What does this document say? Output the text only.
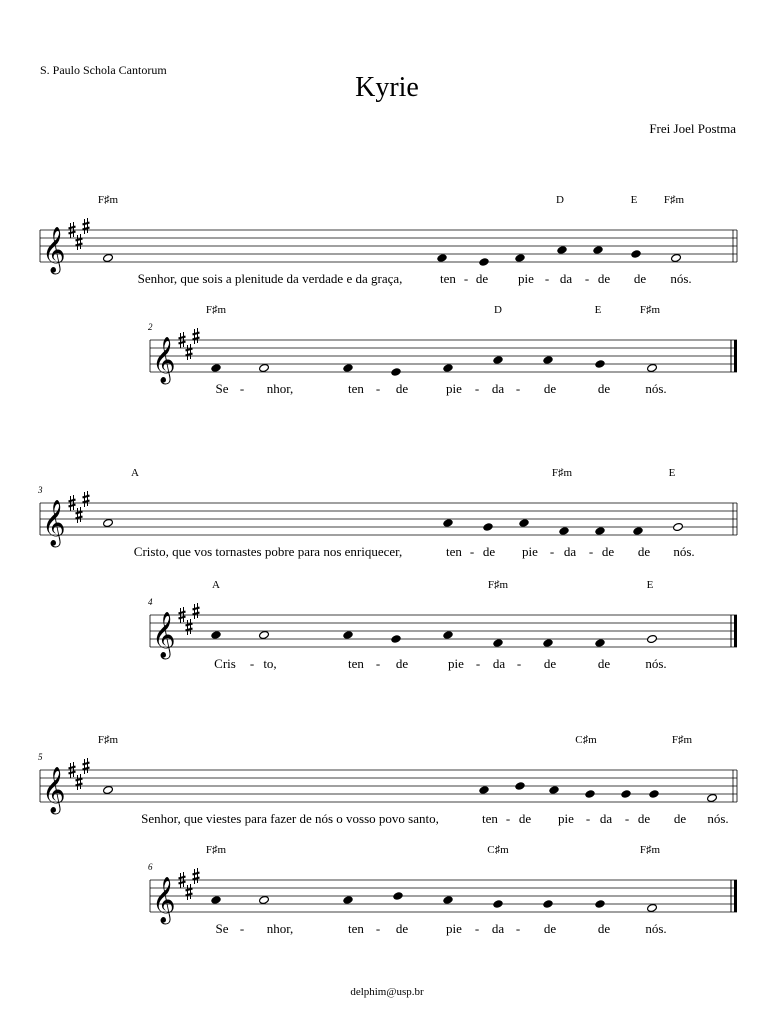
S. Paulo Schola Cantorum
Kyrie
Frei Joel Postma
𝄞
F♯m	D	E F♯m
Senhor, que sois a plenitude da verdade e da graça,	ten - de pie - da - de de nós.
𝄞
2
F♯m	D	E	F♯m
Se - nhor,	ten - de	pie - da - de	de	nós.
𝄞
3
A	F♯m	E
Cristo, que vos tornastes pobre para nos enriquecer,	ten - de pie - da - de de nós.
𝄞
4
A	F♯m	E
Cris - to,	ten - de	pie - da - de	de	nós.
𝄞
5
F♯m	C♯m	F♯m
Senhor, que viestes para fazer de nós o vosso povo santo,	ten - de pie - da - de de nós.
𝄞
6
F♯m	C♯m	F♯m
Se - nhor,	ten - de	pie - da - de	de	nós.
delphim@usp.br
